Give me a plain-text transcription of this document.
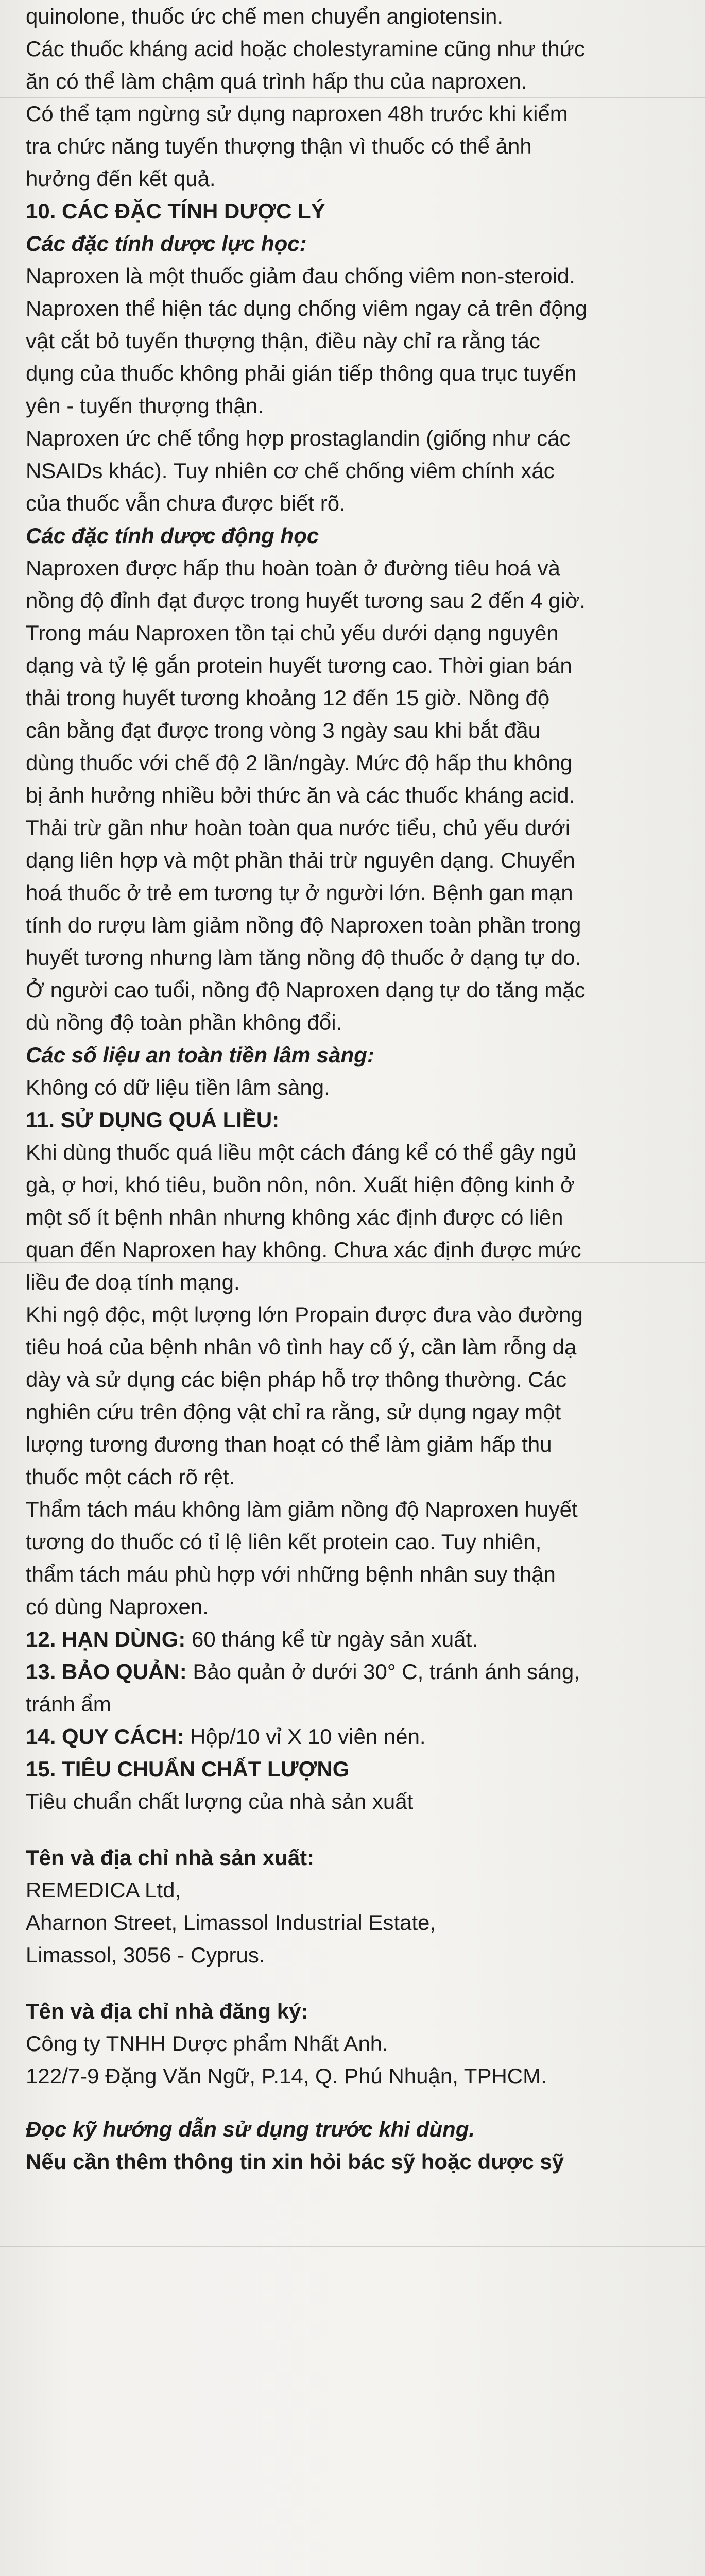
quinolone, thuốc ức chế men chuyển angiotensin.

Các thuốc kháng acid hoặc cholestyramine cũng như thức

ăn có thể làm chậm quá trình hấp thu của naproxen.

Có thể tạm ngừng sử dụng naproxen 48h trước khi kiểm

tra chức năng tuyến thượng thận vì thuốc có thể ảnh

hưởng đến kết quả.

10. CÁC ĐẶC TÍNH DƯỢC LÝ

Các đặc tính dược lực học:

Naproxen là một thuốc giảm đau chống viêm non-steroid.

Naproxen thể hiện tác dụng chống viêm ngay cả trên động

vật cắt bỏ tuyến thượng thận, điều này chỉ ra rằng tác

dụng của thuốc không phải gián tiếp thông qua trục tuyến

yên - tuyến thượng thận.

Naproxen ức chế tổng hợp prostaglandin (giống như các

NSAIDs khác). Tuy nhiên cơ chế chống viêm chính xác

của thuốc vẫn chưa được biết rõ.

Các đặc tính dược động học

Naproxen được hấp thu hoàn toàn ở đường tiêu hoá và

nồng độ đỉnh đạt được trong huyết tương sau 2 đến 4 giờ.

Trong máu Naproxen tồn tại chủ yếu dưới dạng nguyên

dạng và tỷ lệ gắn protein huyết tương cao. Thời gian bán

thải trong huyết tương khoảng 12 đến 15 giờ. Nồng độ

cân bằng đạt được trong vòng 3 ngày sau khi bắt đầu

dùng thuốc với chế độ 2 lần/ngày. Mức độ hấp thu không

bị ảnh hưởng nhiều bởi thức ăn và các thuốc kháng acid.

Thải trừ gần như hoàn toàn qua nước tiểu, chủ yếu dưới

dạng liên hợp và một phần thải trừ nguyên dạng. Chuyển

hoá thuốc ở trẻ em tương tự ở người lớn. Bệnh gan mạn

tính do rượu làm giảm nồng độ Naproxen toàn phần trong

huyết tương nhưng làm tăng nồng độ thuốc ở dạng tự do.

Ở người cao tuổi, nồng độ Naproxen dạng tự do tăng mặc

dù nồng độ toàn phần không đổi.

Các số liệu an toàn tiền lâm sàng:

Không có dữ liệu tiền lâm sàng.

11. SỬ DỤNG QUÁ LIỀU:

Khi dùng thuốc quá liều một cách đáng kể có thể gây ngủ

gà, ợ hơi, khó tiêu, buồn nôn, nôn. Xuất hiện động kinh ở

một số ít bệnh nhân nhưng không xác định được có liên

quan đến Naproxen hay không. Chưa xác định được mức

liều đe doạ tính mạng.

Khi ngộ độc, một lượng lớn Propain được đưa vào đường

tiêu hoá của bệnh nhân vô tình hay cố ý, cần làm rỗng dạ

dày và sử dụng các biện pháp hỗ trợ thông thường. Các

nghiên cứu trên động vật chỉ ra rằng, sử dụng ngay một

lượng tương đương than hoạt có thể làm giảm hấp thu

thuốc một cách rõ rệt.

Thẩm tách máu không làm giảm nồng độ Naproxen huyết

tương do thuốc có tỉ lệ liên kết protein cao. Tuy nhiên,

thẩm tách máu phù hợp với những bệnh nhân suy thận

có dùng Naproxen.

12. HẠN DÙNG: 60 tháng kể từ ngày sản xuất.

13. BẢO QUẢN: Bảo quản ở dưới 30° C, tránh ánh sáng,

tránh ẩm

14. QUY CÁCH: Hộp/10 vỉ X 10 viên nén.

15. TIÊU CHUẨN CHẤT LƯỢNG

Tiêu chuẩn chất lượng của nhà sản xuất

Tên và địa chỉ nhà sản xuất:

REMEDICA Ltd,

Aharnon Street, Limassol Industrial Estate,

Limassol, 3056 - Cyprus.

Tên và địa chỉ nhà đăng ký:

Công ty TNHH Dược phẩm Nhất Anh.

122/7-9 Đặng Văn Ngữ, P.14, Q. Phú Nhuận, TPHCM.

Đọc kỹ hướng dẫn sử dụng trước khi dùng.

Nếu cần thêm thông tin xin hỏi bác sỹ hoặc dược sỹ
